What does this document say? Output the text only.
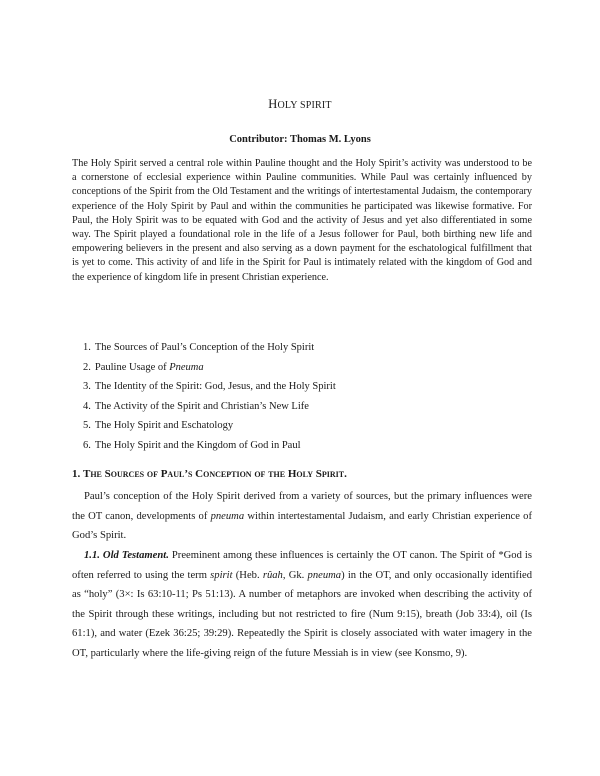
HOLY SPIRIT
Contributor: Thomas M. Lyons
The Holy Spirit served a central role within Pauline thought and the Holy Spirit’s activity was understood to be a cornerstone of ecclesial experience within Pauline communities. While Paul was certainly influenced by conceptions of the Spirit from the Old Testament and the writings of intertestamental Judaism, the contemporary experience of the Holy Spirit by Paul and within the communities he participated was likewise formative. For Paul, the Holy Spirit was to be equated with God and the activity of Jesus and yet also differentiated in some way. The Spirit played a foundational role in the life of a Jesus follower for Paul, both birthing new life and empowering believers in the present and also serving as a down payment for the eschatological fulfillment that is yet to come. This activity of and life in the Spirit for Paul is intimately related with the kingdom of God and the experience of kingdom life in present Christian experience.
1. The Sources of Paul’s Conception of the Holy Spirit
2. Pauline Usage of Pneuma
3. The Identity of the Spirit: God, Jesus, and the Holy Spirit
4. The Activity of the Spirit and Christian’s New Life
5. The Holy Spirit and Eschatology
6. The Holy Spirit and the Kingdom of God in Paul
1. The Sources of Paul’s Conception of the Holy Spirit.
Paul’s conception of the Holy Spirit derived from a variety of sources, but the primary influences were the OT canon, developments of pneuma within intertestamental Judaism, and early Christian experience of God’s Spirit.
1.1. Old Testament. Preeminent among these influences is certainly the OT canon. The Spirit of *God is often referred to using the term spirit (Heb. rûah, Gk. pneuma) in the OT, and only occasionally identified as “holy” (3×: Is 63:10-11; Ps 51:13). A number of metaphors are invoked when describing the activity of the Spirit through these writings, including but not restricted to fire (Num 9:15), breath (Job 33:4), oil (Is 61:1), and water (Ezek 36:25; 39:29). Repeatedly the Spirit is closely associated with water imagery in the OT, particularly where the life-giving reign of the future Messiah is in view (see Konsmo, 9).
